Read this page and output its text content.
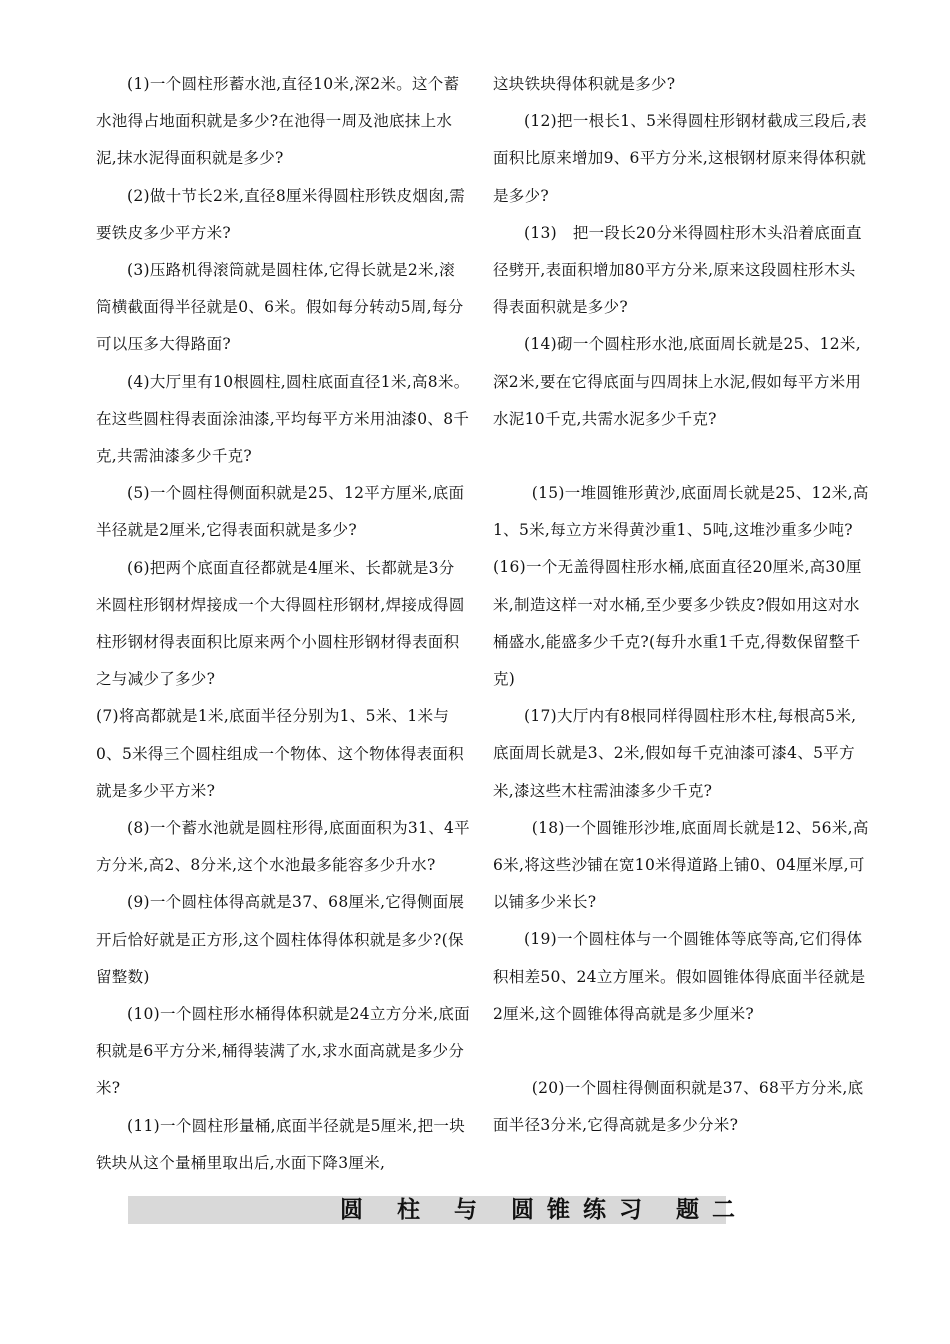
(1)一个圆柱形蓄水池,直径10米,深2米。这个蓄水池得占地面积就是多少?在池得一周及池底抹上水泥,抹水泥得面积就是多少?

(2)做十节长2米,直径8厘米得圆柱形铁皮烟囱,需要铁皮多少平方米?

(3)压路机得滚筒就是圆柱体,它得长就是2米,滚筒横截面得半径就是0、6米。假如每分转动5周,每分可以压多大得路面?

(4)大厅里有10根圆柱,圆柱底面直径1米,高8米。在这些圆柱得表面涂油漆,平均每平方米用油漆0、8千克,共需油漆多少千克?

(5)一个圆柱得侧面积就是25、12平方厘米,底面半径就是2厘米,它得表面积就是多少?

(6)把两个底面直径都就是4厘米、长都就是3分米圆柱形钢材焊接成一个大得圆柱形钢材,焊接成得圆柱形钢材得表面积比原来两个小圆柱形钢材得表面积之与减少了多少?

(7)将高都就是1米,底面半径分别为1、5米、1米与0、5米得三个圆柱组成一个物体、这个物体得表面积就是多少平方米?

(8)一个蓄水池就是圆柱形得,底面面积为31、4平方分米,高2、8分米,这个水池最多能容多少升水?

(9)一个圆柱体得高就是37、68厘米,它得侧面展开后恰好就是正方形,这个圆柱体得体积就是多少?(保留整数)

(10)一个圆柱形水桶得体积就是24立方分米,底面积就是6平方分米,桶得装满了水,求水面高就是多少分米?

(11)一个圆柱形量桶,底面半径就是5厘米,把一块铁块从这个量桶里取出后,水面下降3厘米,

这块铁块得体积就是多少?

(12)把一根长1、5米得圆柱形钢材截成三段后,表面积比原来增加9、6平方分米,这根钢材原来得体积就是多少?

(13)　把一段长20分米得圆柱形木头沿着底面直径劈开,表面积增加80平方分米,原来这段圆柱形木头得表面积就是多少?

(14)砌一个圆柱形水池,底面周长就是25、12米,深2米,要在它得底面与四周抹上水泥,假如每平方米用水泥10千克,共需水泥多少千克?

(15)一堆圆锥形黄沙,底面周长就是25、12米,高1、5米,每立方米得黄沙重1、5吨,这堆沙重多少吨?

(16)一个无盖得圆柱形水桶,底面直径20厘米,高30厘米,制造这样一对水桶,至少要多少铁皮?假如用这对水桶盛水,能盛多少千克?(每升水重1千克,得数保留整千克)

(17)大厅内有8根同样得圆柱形木柱,每根高5米,底面周长就是3、2米,假如每千克油漆可漆4、5平方米,漆这些木柱需油漆多少千克?

(18)一个圆锥形沙堆,底面周长就是12、56米,高6米,将这些沙铺在宽10米得道路上铺0、04厘米厚,可以铺多少米长?

(19)一个圆柱体与一个圆锥体等底等高,它们得体积相差50、24立方厘米。假如圆锥体得底面半径就是2厘米,这个圆锥体得高就是多少厘米?

(20)一个圆柱得侧面积就是37、68平方分米,底面半径3分米,它得高就是多少分米?

圆 柱 与 圆锥练习 题二
